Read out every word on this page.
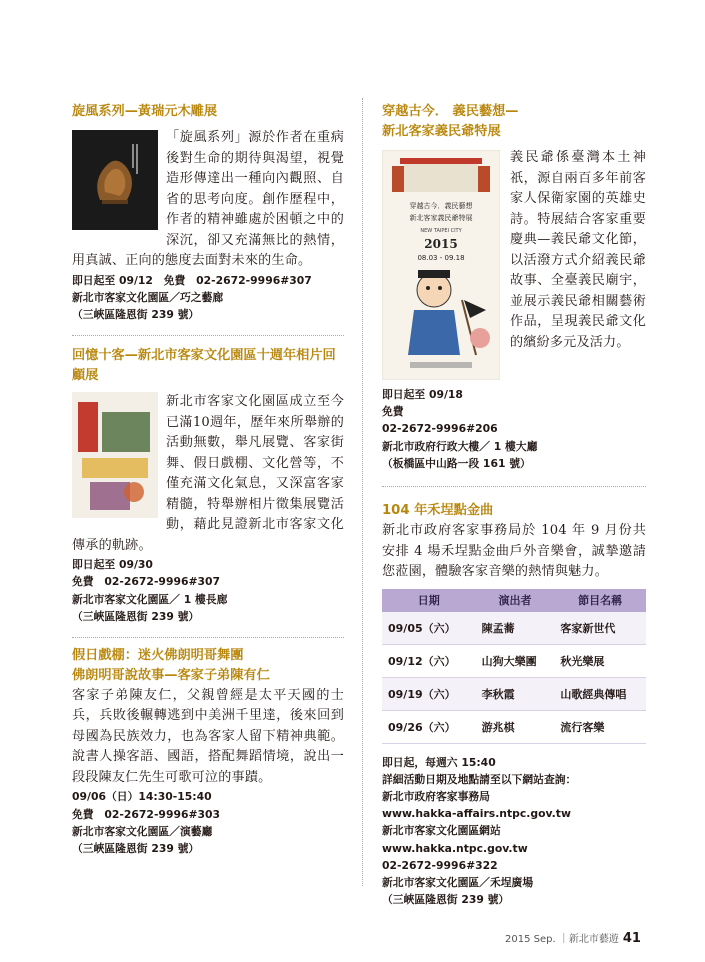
旋風系列—黃瑞元木雕展
「旋風系列」源於作者在重病後對生命的期待與渴望，視覺造形傳達出一種向內觀照、自省的思考向度。創作歷程中，作者的精神雖處於困頓之中的深沉，卻又充滿無比的熱情，用真誠、正向的態度去面對未來的生命。
即日起至 09/12　免費　02-2672-9996#307
新北市客家文化園區／巧之藝廊
（三峽區隆恩街 239 號）
回憶十客—新北市客家文化園區十週年相片回顧展
新北市客家文化園區成立至今已滿10週年，歷年來所舉辦的活動無數，舉凡展覽、客家街舞、假日戲棚、文化營等，不僅充滿文化氣息，又深富客家精髓，特舉辦相片徵集展覽活動，藉此見證新北市客家文化傳承的軌跡。
即日起至 09/30
免費　02-2672-9996#307
新北市客家文化園區／ 1 樓長廊
（三峽區隆恩街 239 號）
假日戲棚：迷火佛朗明哥舞團
佛朗明哥說故事—客家子弟陳有仁
客家子弟陳友仁，父親曾經是太平天國的士兵，兵敗後輾轉逃到中美洲千里達，後來回到母國為民族效力，也為客家人留下精神典範。說書人操客語、國語，搭配舞蹈情境，說出一段段陳友仁先生可歌可泣的事蹟。
09/06（日）14:30-15:40
免費　02-2672-9996#303
新北市客家文化園區／演藝廳
（三峽區隆恩街 239 號）
穿越古今． 義民藝想—
新北客家義民爺特展
穿越古今．義民藝想
新北客家義民爺特展
NEW TAIPEI CITY
2015
08.03 - 09.18
義民爺係臺灣本土神祇，源自兩百多年前客家人保衛家園的英雄史詩。特展結合客家重要慶典—義民爺文化節，以活潑方式介紹義民爺故事、全臺義民廟宇，並展示義民爺相關藝術作品，呈現義民爺文化的繽紛多元及活力。
即日起至 09/18
免費
02-2672-9996#206
新北市政府行政大樓／ 1 樓大廳
（板橋區中山路一段 161 號）
104 年禾埕點金曲
新北市政府客家事務局於 104 年 9 月份共安排 4 場禾埕點金曲戶外音樂會，誠摯邀請您蒞園，體驗客家音樂的熱情與魅力。
日期	演出者	節目名稱
09/05（六）	陳孟蕎	客家新世代
09/12（六）	山狗大樂團	秋光樂展
09/19（六）	李秋霞	山歌經典傳唱
09/26（六）	游兆棋	流行客樂
即日起，每週六 15:40
詳細活動日期及地點請至以下網站查詢：
新北市政府客家事務局
www.hakka-affairs.ntpc.gov.tw
新北市客家文化園區網站
www.hakka.ntpc.gov.tw
02-2672-9996#322
新北市客家文化園區／禾埕廣場
（三峽區隆恩街 239 號）
2015 Sep. ｜新北市藝遊 41
